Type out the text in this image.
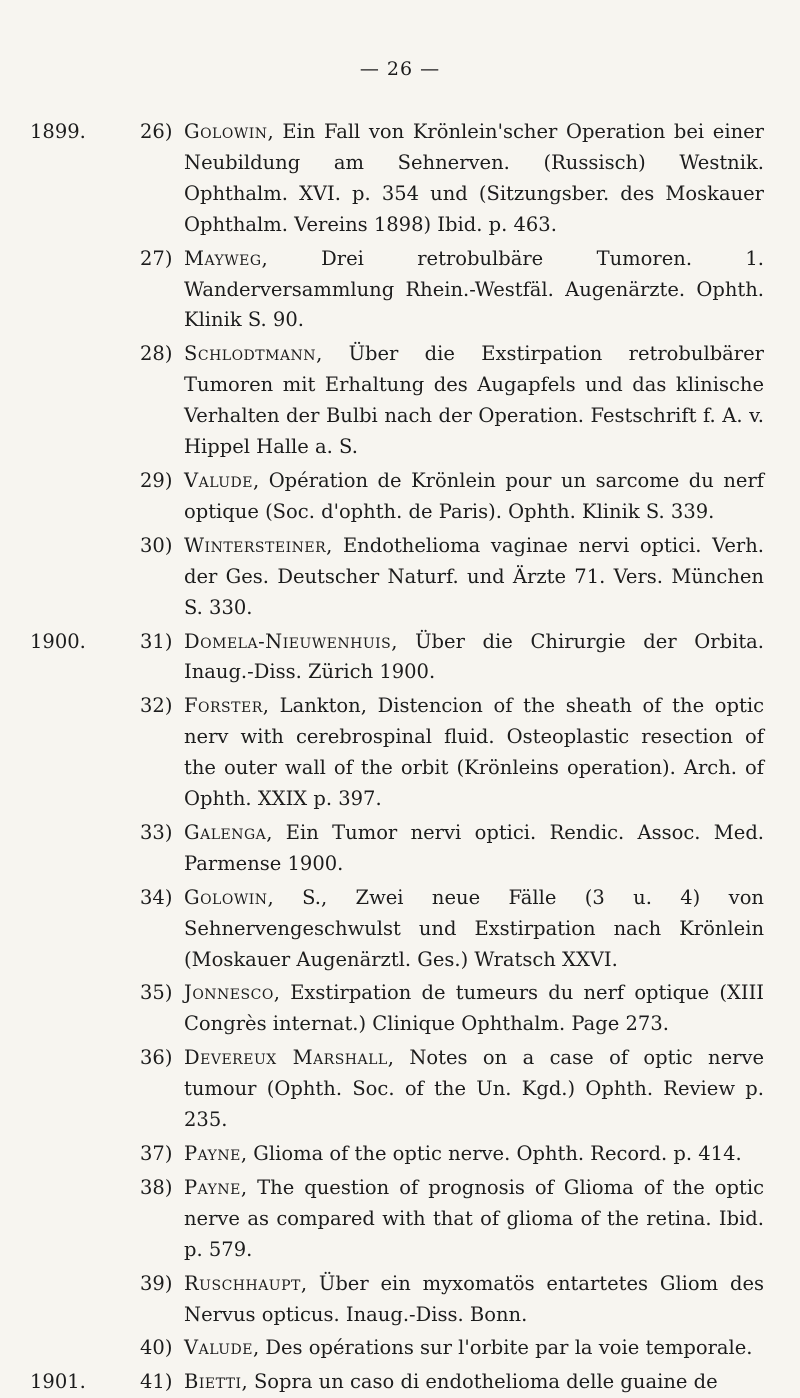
— 26 —
1899.	26) Golowin, Ein Fall von Krönlein'scher Operation bei einer Neubildung am Sehnerven. (Russisch) Westnik. Ophthalm. XVI. p. 354 und (Sitzungsber. des Moskauer Ophthalm. Vereins 1898) Ibid. p. 463.
27) Mayweg, Drei retrobulbäre Tumoren. 1. Wanderversammlung Rhein.-Westfäl. Augenärzte. Ophth. Klinik S. 90.
28) Schlodtmann, Über die Exstirpation retrobulbärer Tumoren mit Erhaltung des Augapfels und das klinische Verhalten der Bulbi nach der Operation. Festschrift f. A. v. Hippel Halle a. S.
29) Valude, Opération de Krönlein pour un sarcome du nerf optique (Soc. d'ophth. de Paris). Ophth. Klinik S. 339.
30) Wintersteiner, Endothelioma vaginae nervi optici. Verh. der Ges. Deutscher Naturf. und Ärzte 71. Vers. München S. 330.
1900.	31) Domela-Nieuwenhuis, Über die Chirurgie der Orbita. Inaug.-Diss. Zürich 1900.
32) Forster, Lankton, Distencion of the sheath of the optic nerv with cerebrospinal fluid. Osteoplastic resection of the outer wall of the orbit (Krönleins operation). Arch. of Ophth. XXIX p. 397.
33) Galenga, Ein Tumor nervi optici. Rendic. Assoc. Med. Parmense 1900.
34) Golowin, S., Zwei neue Fälle (3 u. 4) von Sehnervengeschwulst und Exstirpation nach Krönlein (Moskauer Augenärztl. Ges.) Wratsch XXVI.
35) Jonnesco, Exstirpation de tumeurs du nerf optique (XIII Congrès internat.) Clinique Ophthalm. Page 273.
36) Devereux Marshall, Notes on a case of optic nerve tumour (Ophth. Soc. of the Un. Kgd.) Ophth. Review p. 235.
37) Payne, Glioma of the optic nerve. Ophth. Record. p. 414.
38) Payne, The question of prognosis of Glioma of the optic nerve as compared with that of glioma of the retina. Ibid. p. 579.
39) Ruschhaupt, Über ein myxomatös entartetes Gliom des Nervus opticus. Inaug.-Diss. Bonn.
40) Valude, Des opérations sur l'orbite par la voie temporale.
1901.	41) Bietti, Sopra un caso di endothelioma delle guaine de
